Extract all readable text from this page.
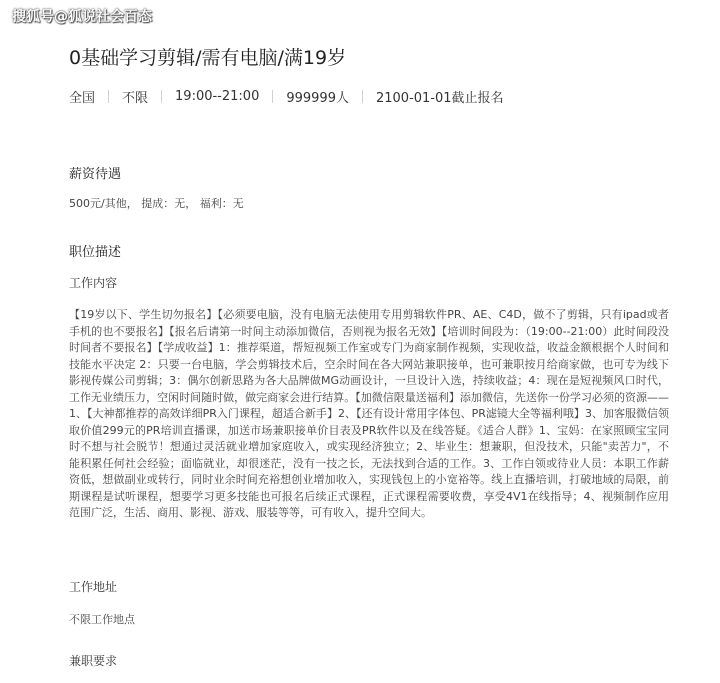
搜狐号@狐说社会百态
0基础学习剪辑/需有电脑/满19岁
全国 不限 19:00--21:00 999999人 2100-01-01截止报名
薪资待遇
500元/其他， 提成：无， 福利：无
职位描述
工作内容
【19岁以下、学生切勿报名】【必须要电脑，没有电脑无法使用专用剪辑软件PR、AE、C4D，做不了剪辑，只有ipad或者手机的也不要报名】【报名后请第一时间主动添加微信，否则视为报名无效】【培训时间段为：（19:00--21:00）此时间段没时间者不要报名】【学成收益】1：推荐渠道，帮短视频工作室或专门为商家制作视频，实现收益，收益金额根据个人时间和技能水平决定 2：只要一台电脑，学会剪辑技术后，空余时间在各大网站兼职接单，也可兼职按月给商家做，也可专为线下影视传媒公司剪辑；3：偶尔创新思路为各大品牌做MG动画设计，一旦设计入选，持续收益；4：现在是短视频风口时代，工作无业绩压力，空闲时间随时做，做完商家会进行结算。【加微信限量送福利】添加微信，先送你一份学习必须的资源—— 1、【大神都推荐的高效详细PR入门课程，超适合新手】2、【还有设计常用字体包、PR滤镜大全等福利哦】3、加客服微信领取价值299元的PR培训直播课，加送市场兼职接单价目表及PR软件以及在线答疑。《适合人群》1、宝妈：在家照顾宝宝同时不想与社会脱节！想通过灵活就业增加家庭收入，或实现经济独立；2、毕业生：想兼职，但没技术，只能"卖苦力"，不能积累任何社会经验；面临就业，却很迷茫，没有一技之长，无法找到合适的工作。3、工作白领或待业人员：本职工作薪资低，想做副业或转行，同时业余时间充裕想创业增加收入，实现钱包上的小宽裕等。线上直播培训，打破地域的局限，前期课程是试听课程，想要学习更多技能也可报名后续正式课程，正式课程需要收费，享受4V1在线指导；4、视频制作应用范围广泛，生活、商用、影视、游戏、服装等等，可有收入，提升空间大。
工作地址
不限工作地点
兼职要求
